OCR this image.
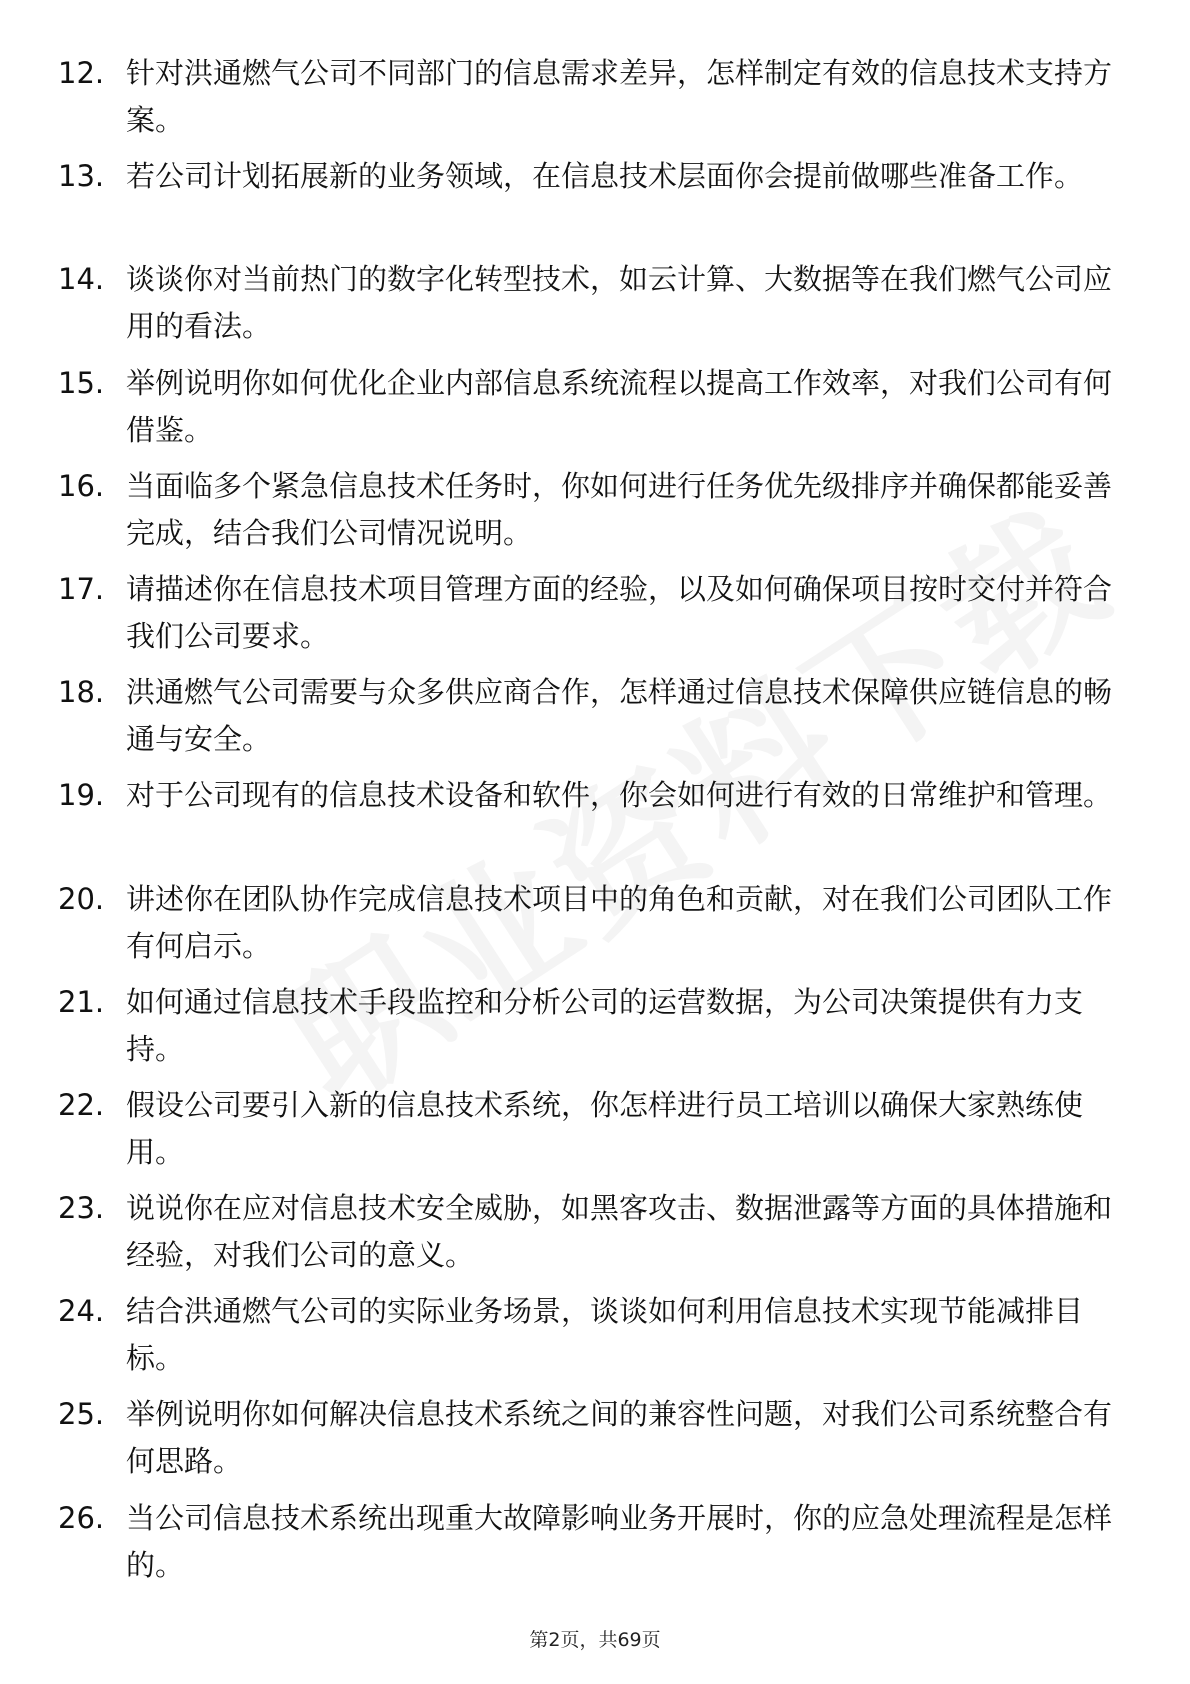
12. 针对洪通燃气公司不同部门的信息需求差异，怎样制定有效的信息技术支持方案。
13. 若公司计划拓展新的业务领域，在信息技术层面你会提前做哪些准备工作。
14. 谈谈你对当前热门的数字化转型技术，如云计算、大数据等在我们燃气公司应用的看法。
15. 举例说明你如何优化企业内部信息系统流程以提高工作效率，对我们公司有何借鉴。
16. 当面临多个紧急信息技术任务时，你如何进行任务优先级排序并确保都能妥善完成，结合我们公司情况说明。
17. 请描述你在信息技术项目管理方面的经验，以及如何确保项目按时交付并符合我们公司要求。
18. 洪通燃气公司需要与众多供应商合作，怎样通过信息技术保障供应链信息的畅通与安全。
19. 对于公司现有的信息技术设备和软件，你会如何进行有效的日常维护和管理。
20. 讲述你在团队协作完成信息技术项目中的角色和贡献，对在我们公司团队工作有何启示。
21. 如何通过信息技术手段监控和分析公司的运营数据，为公司决策提供有力支持。
22. 假设公司要引入新的信息技术系统，你怎样进行员工培训以确保大家熟练使用。
23. 说说你在应对信息技术安全威胁，如黑客攻击、数据泄露等方面的具体措施和经验，对我们公司的意义。
24. 结合洪通燃气公司的实际业务场景，谈谈如何利用信息技术实现节能减排目标。
25. 举例说明你如何解决信息技术系统之间的兼容性问题，对我们公司系统整合有何思路。
26. 当公司信息技术系统出现重大故障影响业务开展时，你的应急处理流程是怎样的。
第2页，共69页
